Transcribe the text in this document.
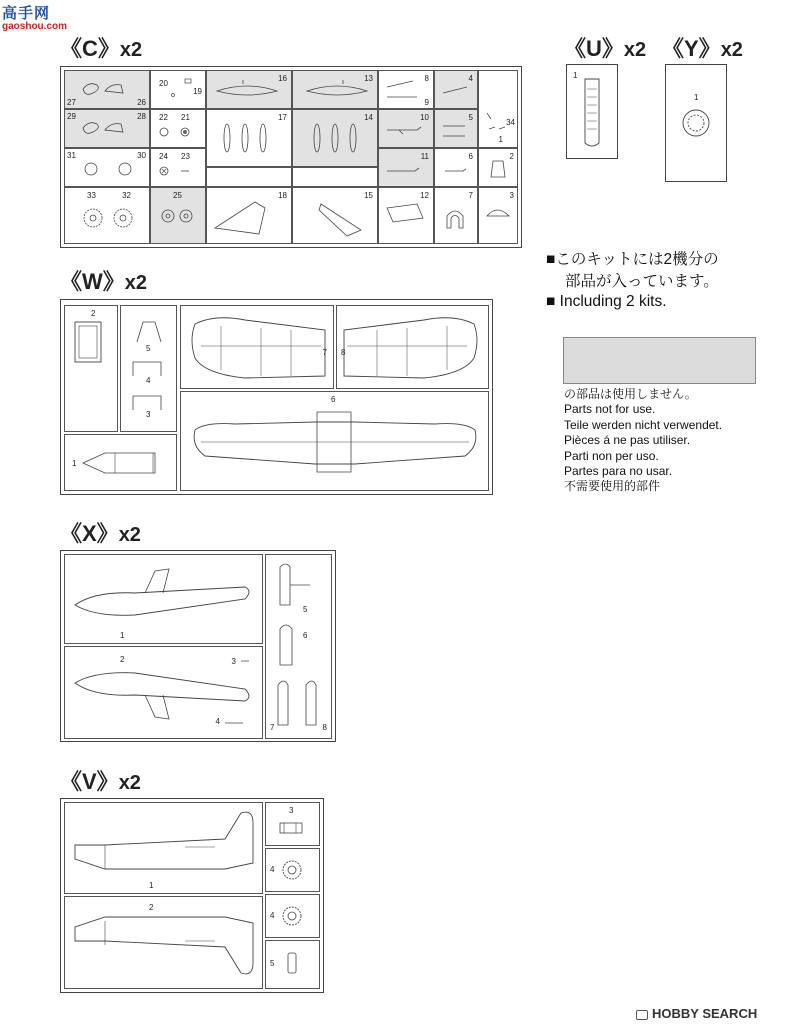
高手网
gaoshou.com
《C》x2
27	26
29	28
31	30
33	32
20
19
22 21
24 23
25
16
17
18
13
14
15
8
9
10
11
12
4
5
6
7
34
1
2
3
《U》x2
1
《Y》x2
1
■このキットには2機分の
部品が入っています。
■ Including 2 kits.
の部品は使用しません。
Parts not for use.
Teile werden nicht verwendet.
Pièces á ne pas utiliser.
Parti non per uso.
Partes para no usar.
不需要使用的部件
《W》x2
2
5
4
3
1
7 8
6
《X》x2
1
2	3
4
5
6
7	8
《V》x2
1
2
3
4
4
5
HOBBY SEARCH
